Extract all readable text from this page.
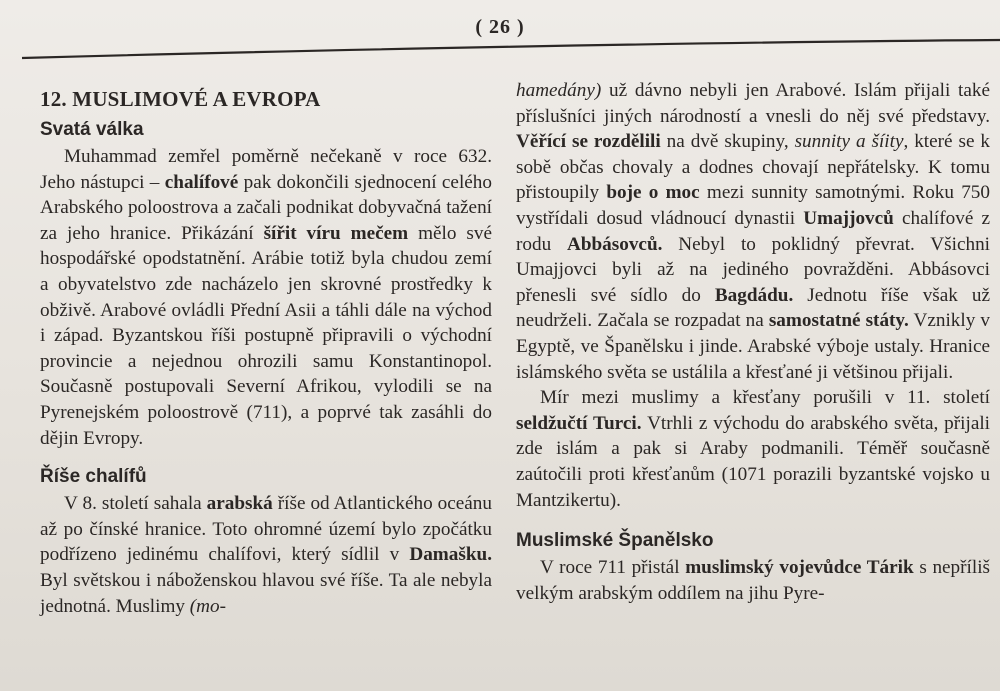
( 26 )
12. MUSLIMOVÉ A EVROPA
Svatá válka

Muhammad zemřel poměrně nečekaně v roce 632. Jeho nástupci – chalífové pak dokončili sjednocení celého Arabského poloostrova a začali podnikat dobyvačná tažení za jeho hranice. Přikázání šířit víru mečem mělo své hospodářské opodstatnění. Arábie totiž byla chudou zemí a obyvatelstvo zde nacházelo jen skrovné prostředky k obživě. Arabové ovládli Přední Asii a táhli dále na východ i západ. Byzantskou říši postupně připravili o východní provincie a nejednou ohrozili samu Konstantinopol. Současně postupovali Severní Afrikou, vylodili se na Pyrenejském poloostrově (711), a poprvé tak zasáhli do dějin Evropy.

Říše chalífů

V 8. století sahala arabská říše od Atlantického oceánu až po čínské hranice. Toto ohromné území bylo zpočátku podřízeno jedinému chalífovi, který sídlil v Damašku. Byl světskou i náboženskou hlavou své říše. Ta ale nebyla jednotná. Muslimy (mo-

hamedány) už dávno nebyli jen Arabové. Islám přijali také příslušníci jiných národností a vnesli do něj své představy. Věřící se rozdělili na dvě skupiny, sunnity a šíity, které se k sobě občas chovaly a dodnes chovají nepřátelsky. K tomu přistoupily boje o moc mezi sunnity samotnými. Roku 750 vystřídali dosud vládnoucí dynastii Umajjovců chalífové z rodu Abbásovců. Nebyl to poklidný převrat. Všichni Umajjovci byli až na jediného povražděni. Abbásovci přenesli své sídlo do Bagdádu. Jednotu říše však už neudrželi. Začala se rozpadat na samostatné státy. Vznikly v Egyptě, ve Španělsku i jinde. Arabské výboje ustaly. Hranice islámského světa se ustálila a křesťané ji většinou přijali.

Mír mezi muslimy a křesťany porušili v 11. století seldžučtí Turci. Vtrhli z východu do arabského světa, přijali zde islám a pak si Araby podmanili. Téměř současně zaútočili proti křesťanům (1071 porazili byzantské vojsko u Mantzikertu).

Muslimské Španělsko

V roce 711 přistál muslimský vojevůdce Tárik s nepříliš velkým arabským oddílem na jihu Pyre-
